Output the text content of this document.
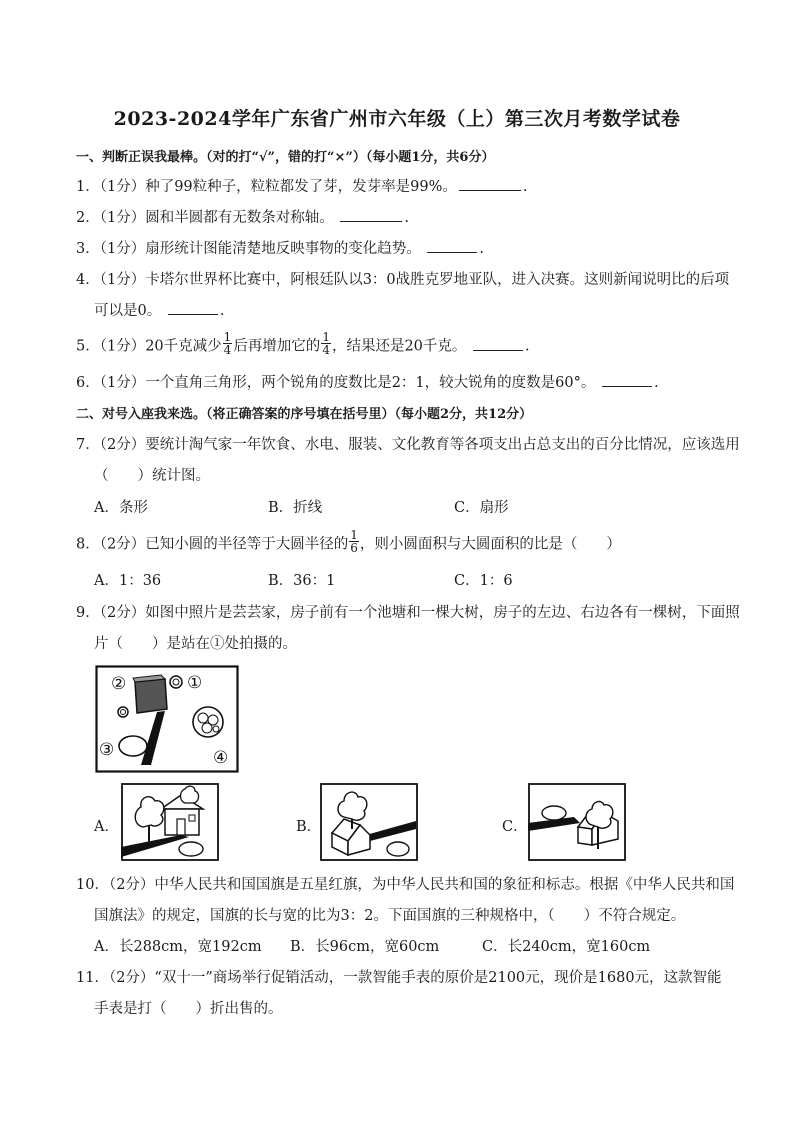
2023-2024学年广东省广州市六年级（上）第三次月考数学试卷
一、判断正误我最棒。（对的打“√”，错的打“×”）（每小题1分，共6分）
1．（1分）种了99粒种子，粒粒都发了芽，发芽率是99%。	.
2．（1分）圆和半圆都有无数条对称轴。	.
3．（1分）扇形统计图能清楚地反映事物的变化趋势。	.
4．（1分）卡塔尔世界杯比赛中，阿根廷队以3：0战胜克罗地亚队，进入决赛。这则新闻说明比的后项
可以是0。	.
5．（1分）20千克减少 $\frac{1}{4}$ 后再增加它的 $\frac{1}{4}$ ，结果还是20千克。	.
6．（1分）一个直角三角形，两个锐角的度数比是2：1，较大锐角的度数是60°。	.
二、对号入座我来选。（将正确答案的序号填在括号里）（每小题2分，共12分）
7．（2分）要统计淘气家一年饮食、水电、服装、文化教育等各项支出占总支出的百分比情况，应该选用
（　　）统计图。
A．条形	B．折线	C．扇形
8．（2分）已知小圆的半径等于大圆半径的 $\frac{1}{6}$ ，则小圆面积与大圆面积的比是（　　）
A．1：36	B．36：1	C．1：6
9．（2分）如图中照片是芸芸家，房子前有一个池塘和一棵大树，房子的左边、右边各有一棵树，下面照
片（　　）是站在①处拍摄的。
②	①
③	④
A．	B．	C．
10．（2分）中华人民共和国国旗是五星红旗，为中华人民共和国的象征和标志。根据《中华人民共和国
国旗法》的规定，国旗的长与宽的比为3：2。下面国旗的三种规格中，（　　）不符合规定。
A．长288cm，宽192cm B．长96cm，宽60cm	C．长240cm，宽160cm
11．（2分）“双十一”商场举行促销活动，一款智能手表的原价是2100元，现价是1680元，这款智能
手表是打（　　）折出售的。
